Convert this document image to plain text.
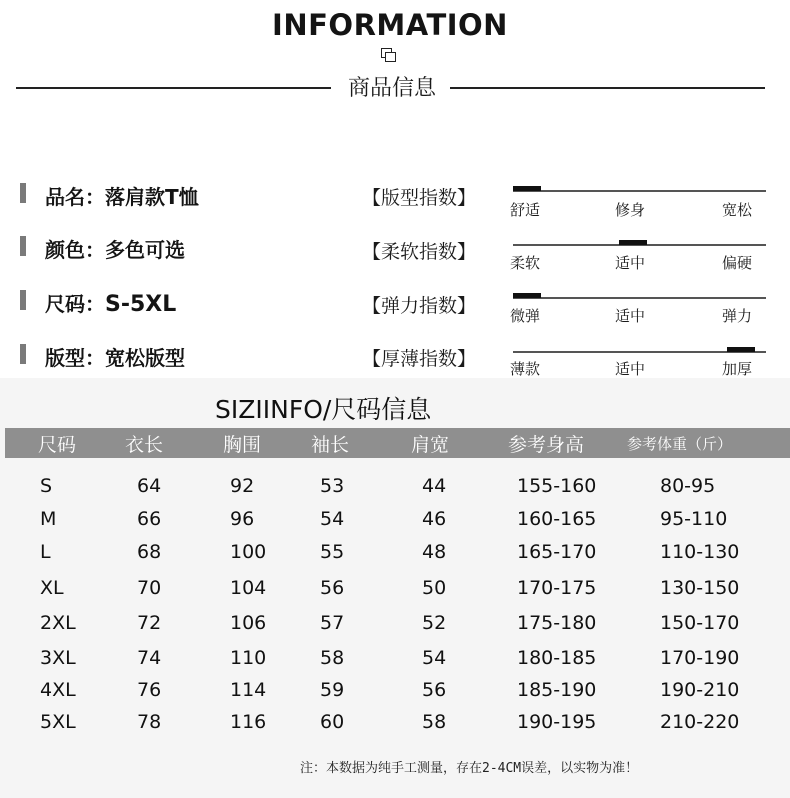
INFORMATION
商品信息
品名：落肩款T恤
颜色：多色可选
尺码：S-5XL
版型：宽松版型
【版型指数】
舒适	修身	宽松
【柔软指数】 柔软	适中	偏硬
【弹力指数】 微弹	适中	弹力
【厚薄指数】 薄款	适中	加厚
SIZIINFO/尺码信息
尺码	衣长	胸围	袖长	肩宽	参考身高	参考体重（斤）
S	64	92	53	44	155-160	80-95
M	66	96	54	46	160-165	95-110
L	68	100	55	48	165-170	110-130
XL	70	104	56	50	170-175	130-150
2XL	72	106	57	52	175-180	150-170
3XL	74	110	58	54	180-185	170-190
4XL	76	114	59	56	185-190	190-210
5XL	78	116	60	58	190-195	210-220
注：本数据为纯手工测量，存在2-4CM误差，以实物为准！
